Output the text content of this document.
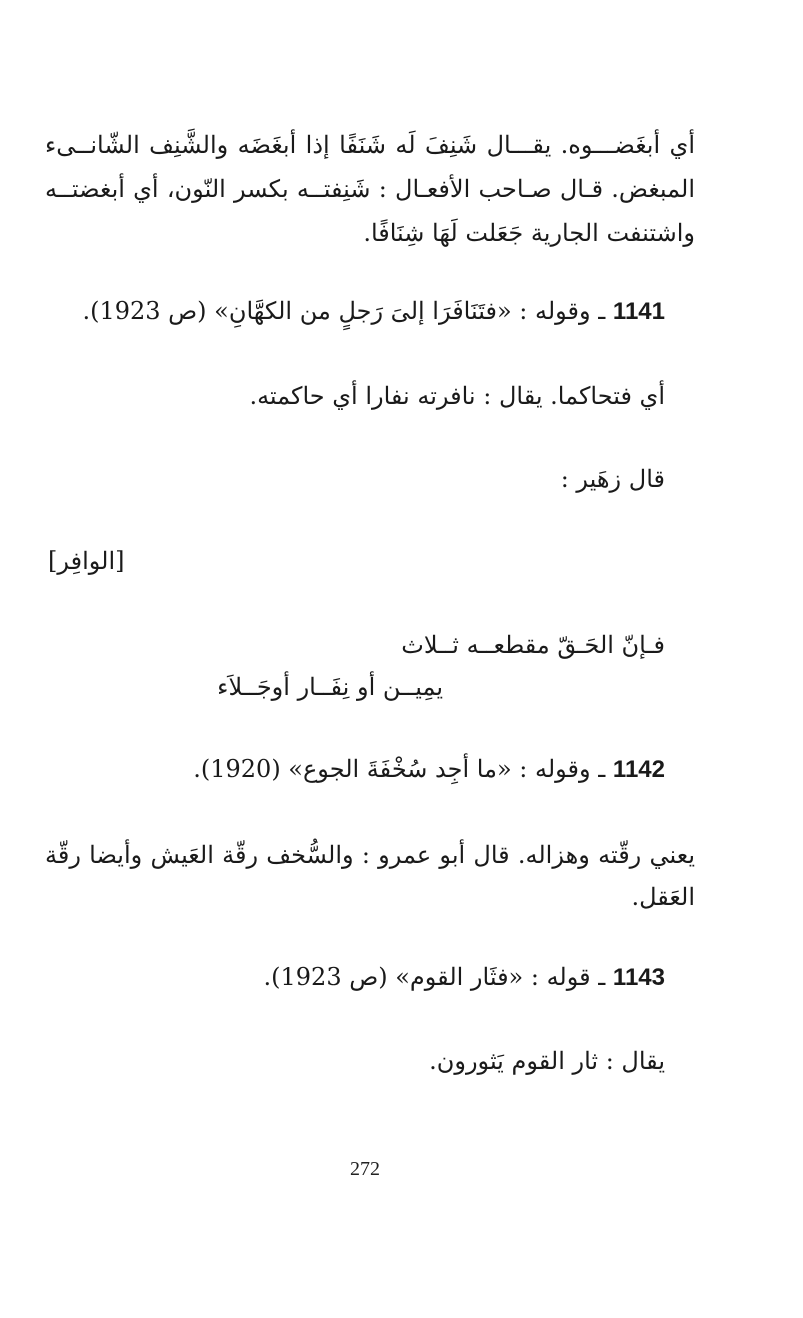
أي أبغَضـــوه. يقـــال شَنِفَ لَه شَنَفًا إذا أبغَضَه والشَّنِف الشّانــىء
المبغض. قـال صـاحب الأفعـال : شَنِفتــه بكسر النّون، أي أبغضتــه
واشتنفت الجارية جَعَلت لَهَا شِنَافًا.
1141 ـ وقوله : «فتَنَافَرَا إلىَ رَجلٍ من الكهَّانِ» (ص 1923).
أي فتحاكما. يقال : نافرته نفارا أي حاكمته.
قال زهَير :
[الوافِر]
فـإنّ الحَـقّ مقطعــه ثــلاث
يمِيــن أو نِفَــار أوجَــلاَء
1142 ـ وقوله : «ما أجِد سُخْفَةَ الجوع» (1920).
يعني رقّته وهزاله. قال أبو عمرو : والسُّخف رقّة العَيش وأيضا رقّة
العَقل.
1143 ـ قوله : «فثَار القوم» (ص 1923).
يقال : ثار القوم يَثورون.
272
